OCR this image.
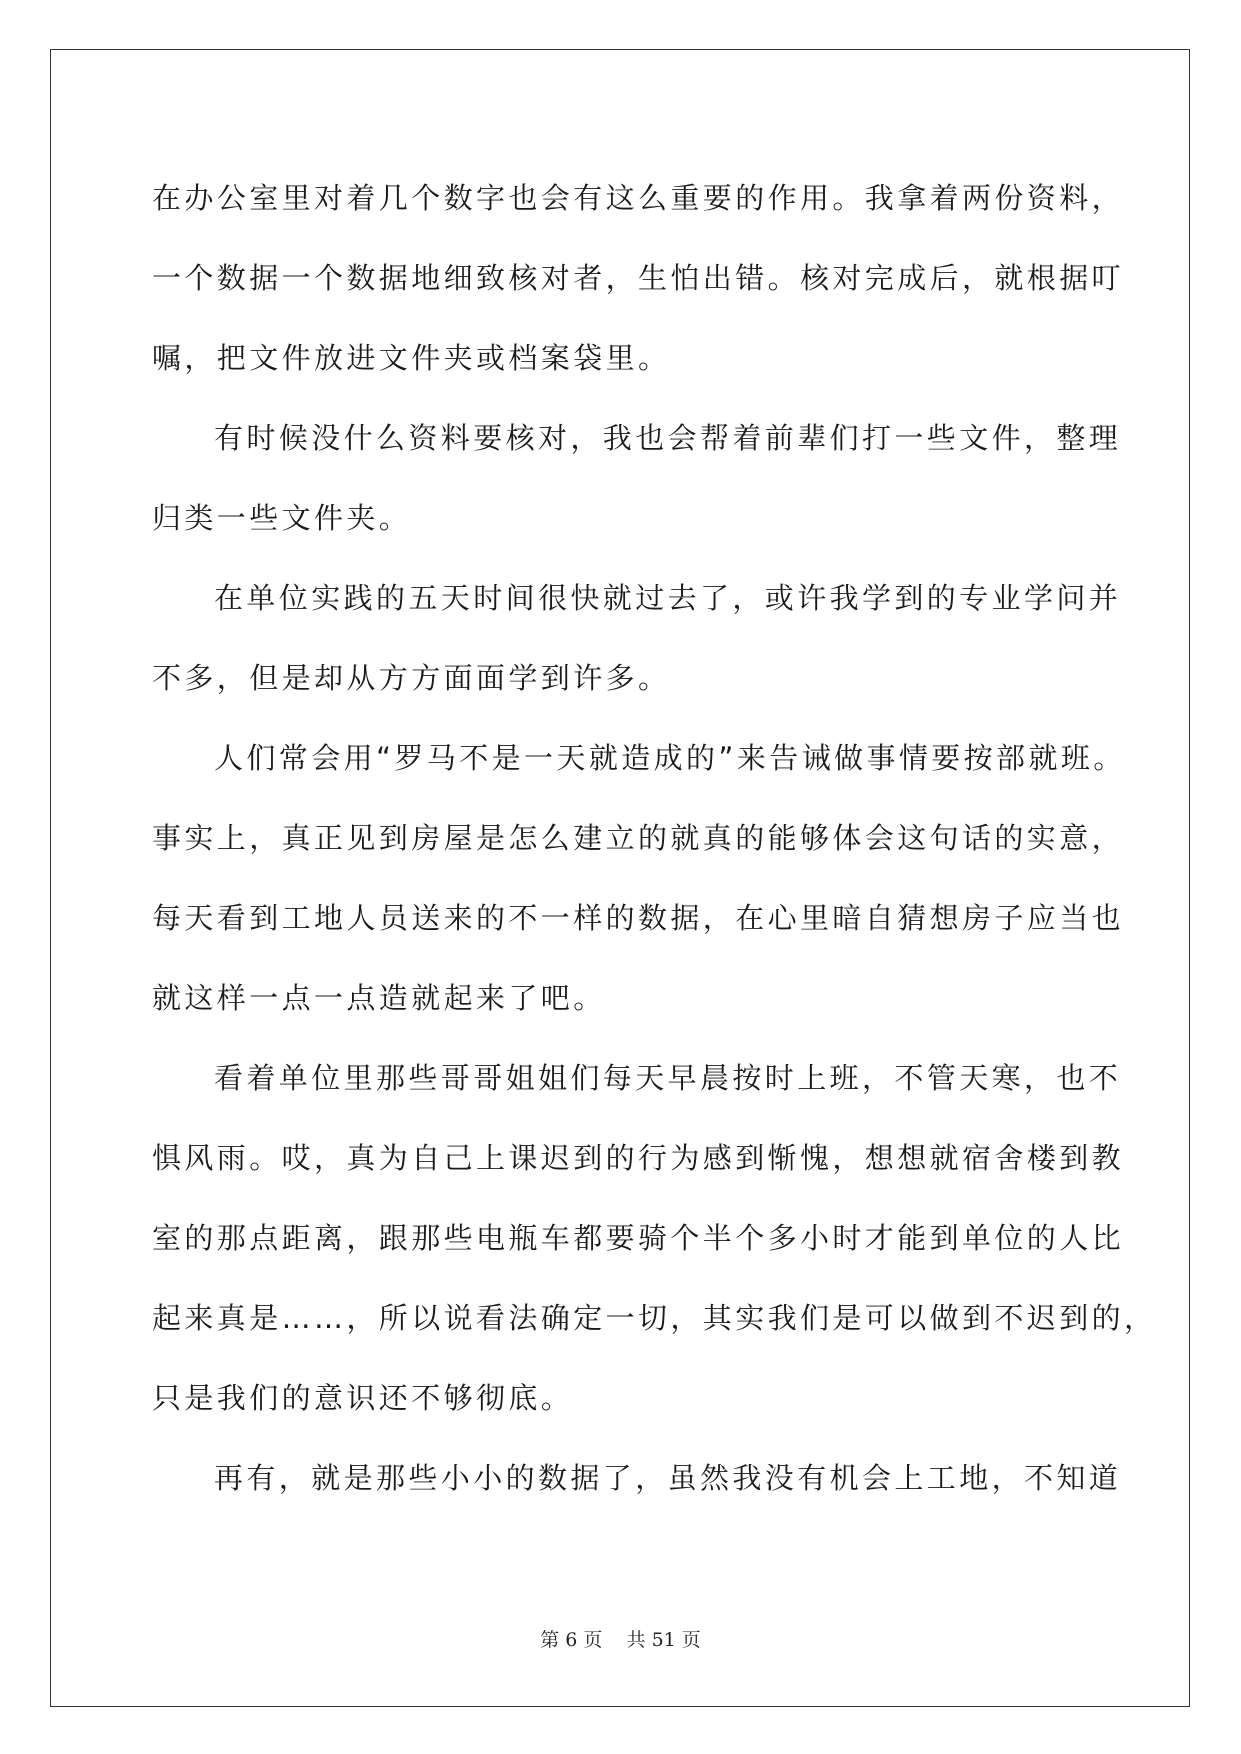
在办公室里对着几个数字也会有这么重要的作用。我拿着两份资料，
一个数据一个数据地细致核对者，生怕出错。核对完成后，就根据叮
嘱，把文件放进文件夹或档案袋里。
有时候没什么资料要核对，我也会帮着前辈们打一些文件，整理
归类一些文件夹。
在单位实践的五天时间很快就过去了，或许我学到的专业学问并
不多，但是却从方方面面学到许多。
人们常会用“罗马不是一天就造成的”来告诫做事情要按部就班。
事实上，真正见到房屋是怎么建立的就真的能够体会这句话的实意，
每天看到工地人员送来的不一样的数据，在心里暗自猜想房子应当也
就这样一点一点造就起来了吧。
看着单位里那些哥哥姐姐们每天早晨按时上班，不管天寒，也不
惧风雨。哎，真为自己上课迟到的行为感到惭愧，想想就宿舍楼到教
室的那点距离，跟那些电瓶车都要骑个半个多小时才能到单位的人比
起来真是……，所以说看法确定一切，其实我们是可以做到不迟到的，
只是我们的意识还不够彻底。
再有，就是那些小小的数据了，虽然我没有机会上工地，不知道
第 6 页    共 51 页
